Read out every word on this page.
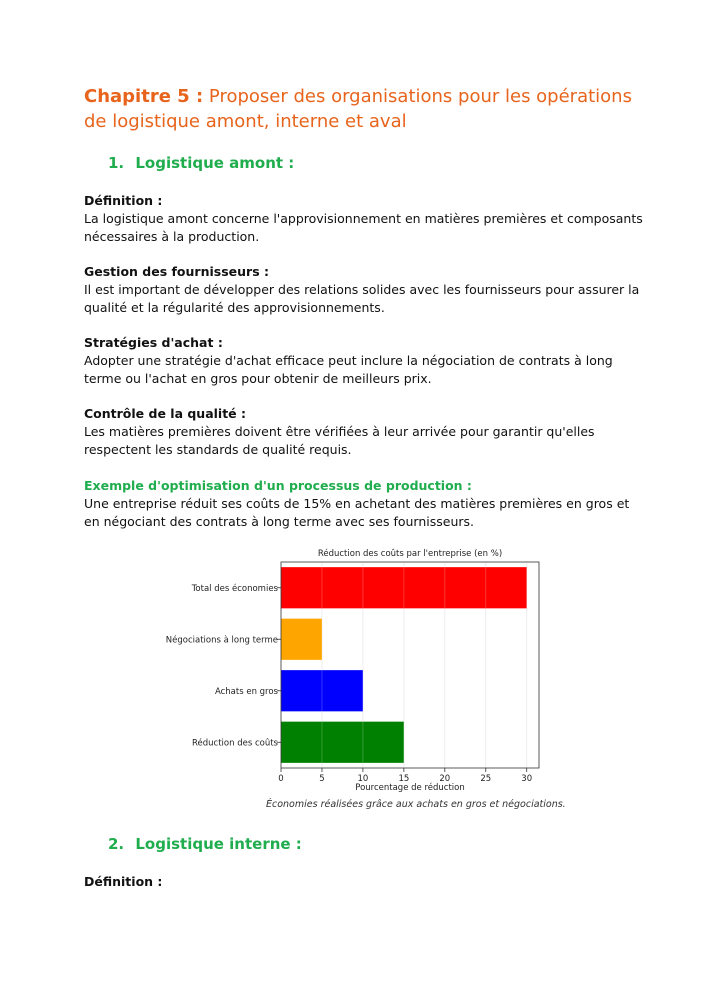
Chapitre 5 : Proposer des organisations pour les opérations de logistique amont, interne et aval
1. Logistique amont :
Définition :
La logistique amont concerne l'approvisionnement en matières premières et composants nécessaires à la production.
Gestion des fournisseurs :
Il est important de développer des relations solides avec les fournisseurs pour assurer la qualité et la régularité des approvisionnements.
Stratégies d'achat :
Adopter une stratégie d'achat efficace peut inclure la négociation de contrats à long terme ou l'achat en gros pour obtenir de meilleurs prix.
Contrôle de la qualité :
Les matières premières doivent être vérifiées à leur arrivée pour garantir qu'elles respectent les standards de qualité requis.
Exemple d'optimisation d'un processus de production :
Une entreprise réduit ses coûts de 15% en achetant des matières premières en gros et en négociant des contrats à long terme avec ses fournisseurs.
Réduction des coûts par l'entreprise (en %)
Total des économies
Négociations à long terme
Achats en gros
Réduction des coûts
0	5	10	15	20	25	30
Pourcentage de réduction
Économies réalisées grâce aux achats en gros et négociations.
2. Logistique interne :
Définition :
